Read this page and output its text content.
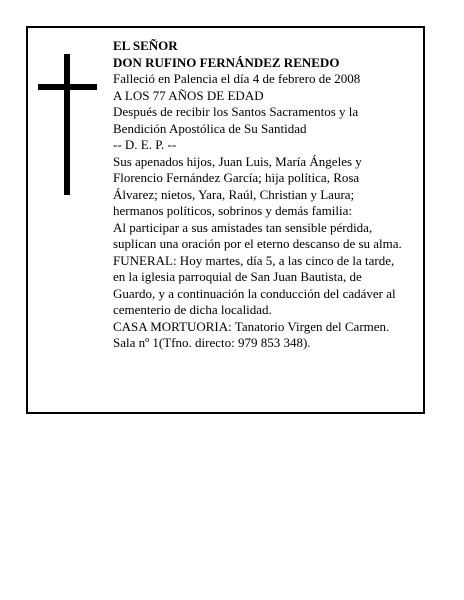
EL SEÑOR
DON RUFINO FERNÁNDEZ RENEDO
Falleció en Palencia el día 4 de febrero de 2008
A LOS 77 AÑOS DE EDAD
Después de recibir los Santos Sacramentos y la
Bendición Apostólica de Su Santidad
-- D. E. P. --
Sus apenados hijos, Juan Luis, María Ángeles y
Florencio Fernández García; hija política, Rosa
Álvarez; nietos, Yara, Raúl, Christian y Laura;
hermanos políticos, sobrinos y demás familia:
Al participar a sus amistades tan sensible pérdida,
suplican una oración por el eterno descanso de su alma.
FUNERAL: Hoy martes, día 5, a las cinco de la tarde,
en la iglesia parroquial de San Juan Bautista, de
Guardo, y a continuación la conducción del cadáver al
cementerio de dicha localidad.
CASA MORTUORIA: Tanatorio Virgen del Carmen.
Sala nº 1(Tfno. directo: 979 853 348).
